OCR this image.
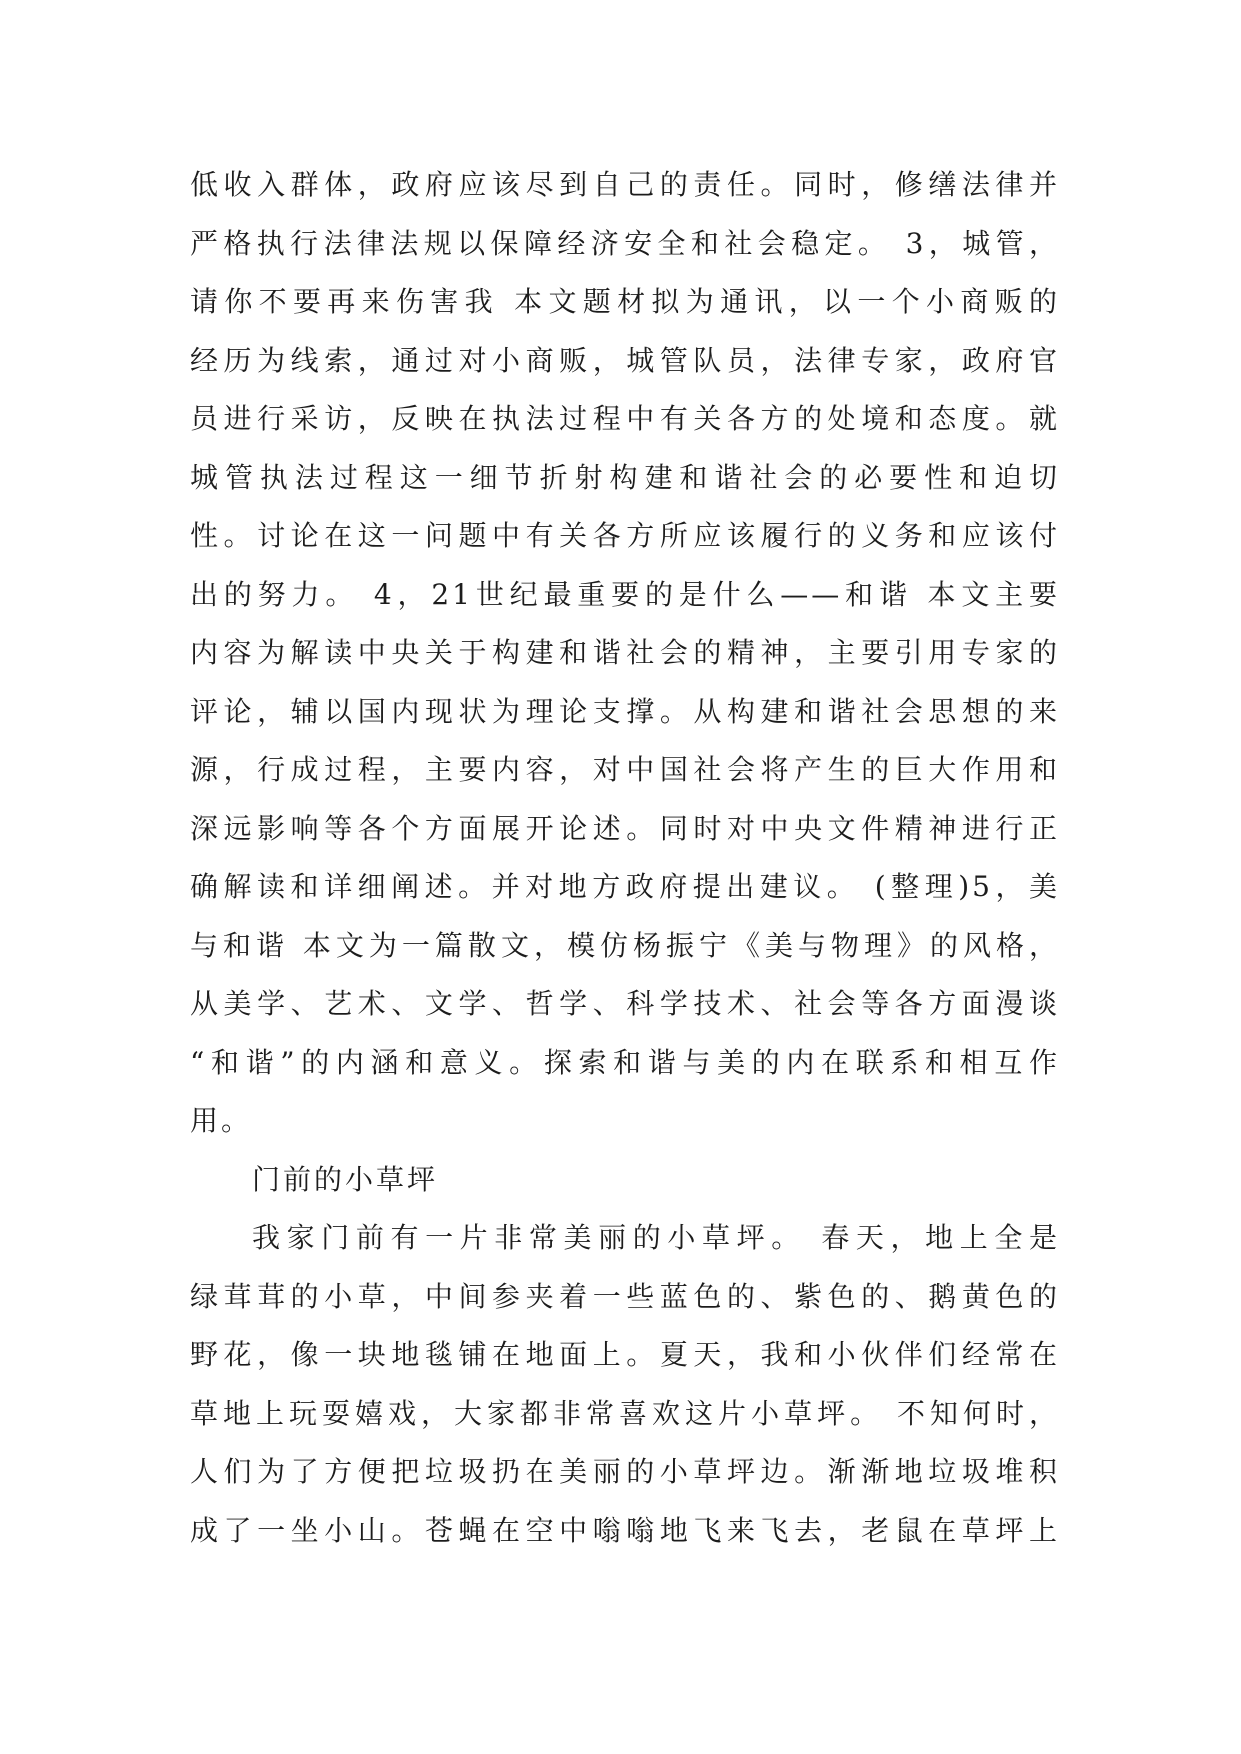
低收入群体，政府应该尽到自己的责任。同时，修缮法律并
严格执行法律法规以保障经济安全和社会稳定。 3，城管，
请你不要再来伤害我 本文题材拟为通讯，以一个小商贩的
经历为线索，通过对小商贩，城管队员，法律专家，政府官
员进行采访，反映在执法过程中有关各方的处境和态度。就
城管执法过程这一细节折射构建和谐社会的必要性和迫切
性。讨论在这一问题中有关各方所应该履行的义务和应该付
出的努力。 4，21世纪最重要的是什么——和谐 本文主要
内容为解读中央关于构建和谐社会的精神，主要引用专家的
评论，辅以国内现状为理论支撑。从构建和谐社会思想的来
源，行成过程，主要内容，对中国社会将产生的巨大作用和
深远影响等各个方面展开论述。同时对中央文件精神进行正
确解读和详细阐述。并对地方政府提出建议。 (整理)5，美
与和谐 本文为一篇散文，模仿杨振宁《美与物理》的风格，
从美学、艺术、文学、哲学、科学技术、社会等各方面漫谈
“和谐”的内涵和意义。探索和谐与美的内在联系和相互作
用。
门前的小草坪
我家门前有一片非常美丽的小草坪。 春天，地上全是
绿茸茸的小草，中间参夹着一些蓝色的、紫色的、鹅黄色的
野花，像一块地毯铺在地面上。夏天，我和小伙伴们经常在
草地上玩耍嬉戏，大家都非常喜欢这片小草坪。 不知何时，
人们为了方便把垃圾扔在美丽的小草坪边。渐渐地垃圾堆积
成了一坐小山。苍蝇在空中嗡嗡地飞来飞去，老鼠在草坪上
